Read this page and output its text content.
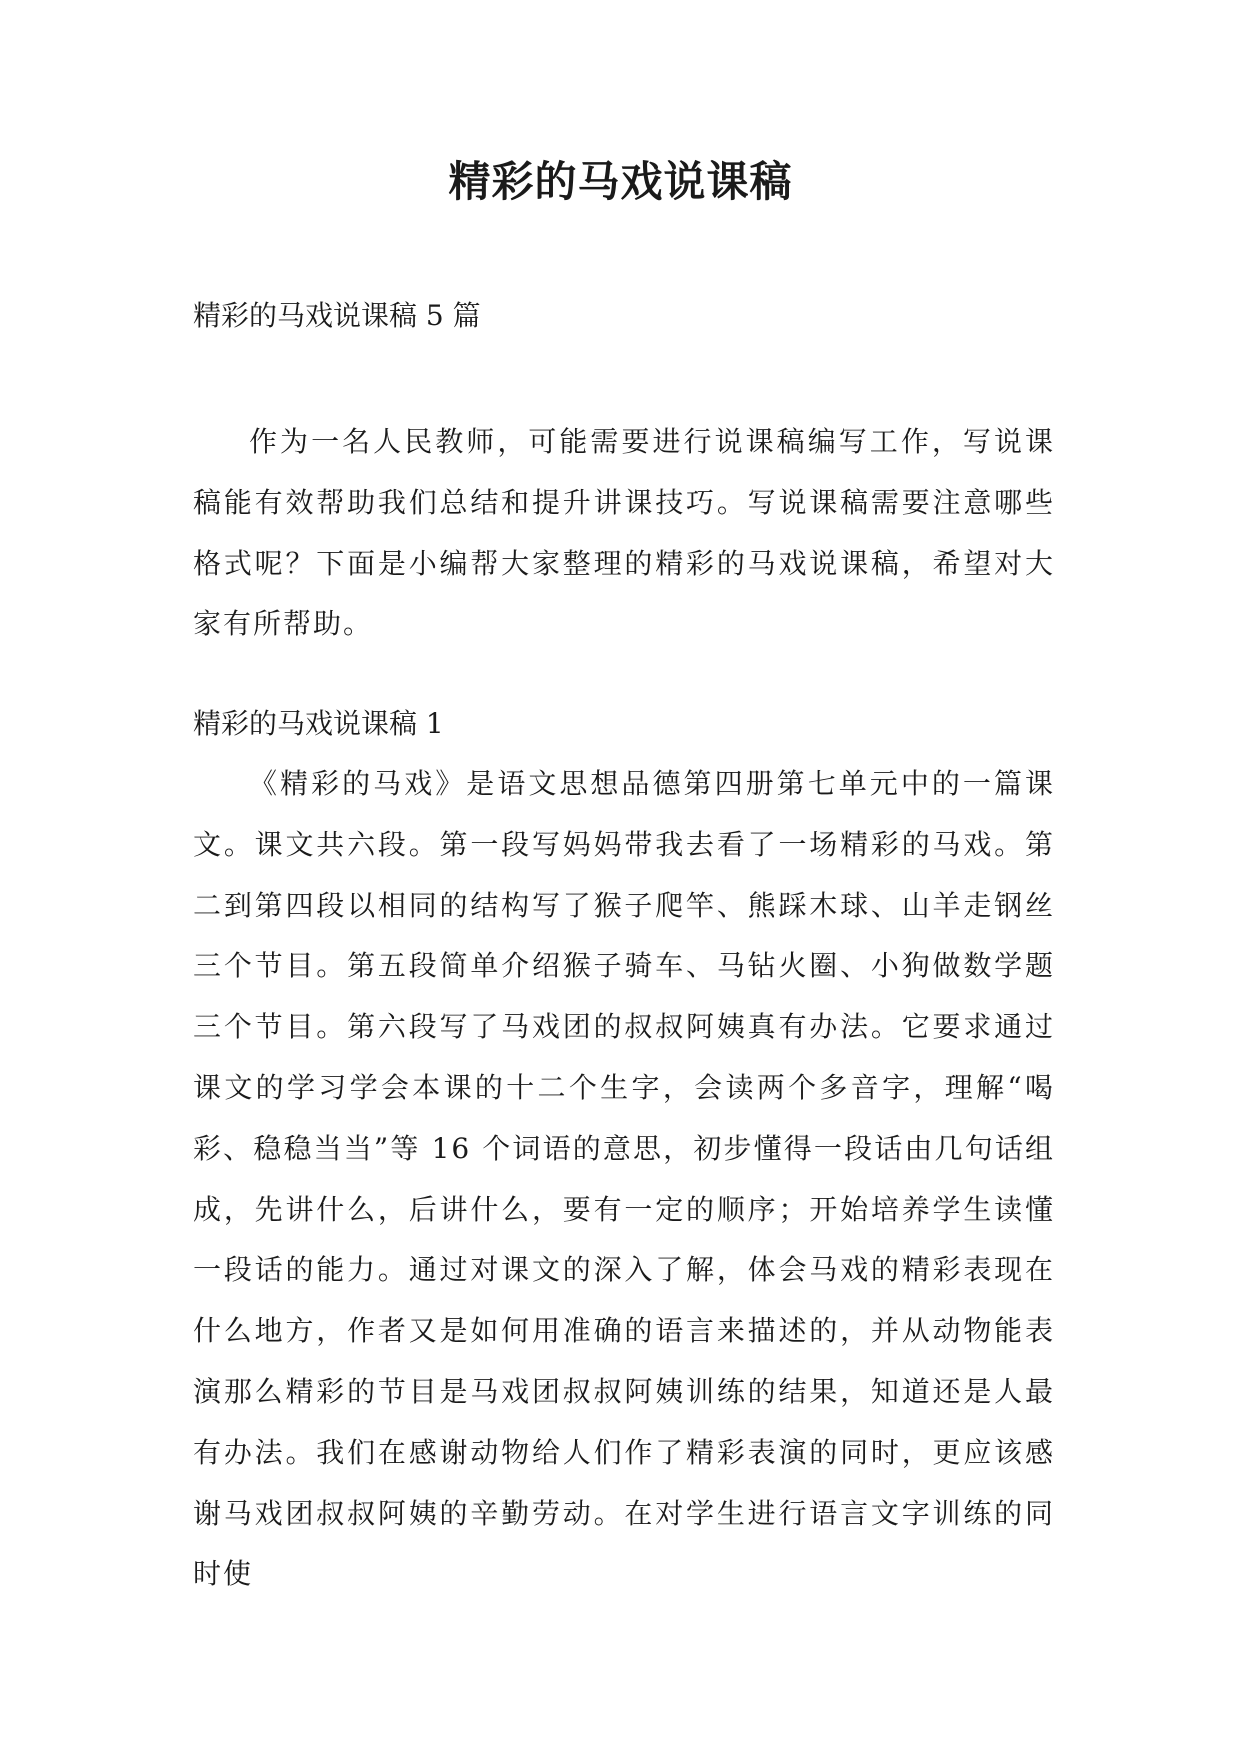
精彩的马戏说课稿

精彩的马戏说课稿 5 篇

作为一名人民教师，可能需要进行说课稿编写工作，写说课稿能有效帮助我们总结和提升讲课技巧。写说课稿需要注意哪些格式呢？下面是小编帮大家整理的精彩的马戏说课稿，希望对大家有所帮助。

精彩的马戏说课稿 1

《精彩的马戏》是语文思想品德第四册第七单元中的一篇课文。课文共六段。第一段写妈妈带我去看了一场精彩的马戏。第二到第四段以相同的结构写了猴子爬竿、熊踩木球、山羊走钢丝三个节目。第五段简单介绍猴子骑车、马钻火圈、小狗做数学题三个节目。第六段写了马戏团的叔叔阿姨真有办法。它要求通过课文的学习学会本课的十二个生字，会读两个多音字，理解“喝彩、稳稳当当”等 16 个词语的意思，初步懂得一段话由几句话组成，先讲什么，后讲什么，要有一定的顺序；开始培养学生读懂一段话的能力。通过对课文的深入了解，体会马戏的精彩表现在什么地方，作者又是如何用准确的语言来描述的，并从动物能表演那么精彩的节目是马戏团叔叔阿姨训练的结果，知道还是人最有办法。我们在感谢动物给人们作了精彩表演的同时，更应该感谢马戏团叔叔阿姨的辛勤劳动。在对学生进行语言文字训练的同时使
